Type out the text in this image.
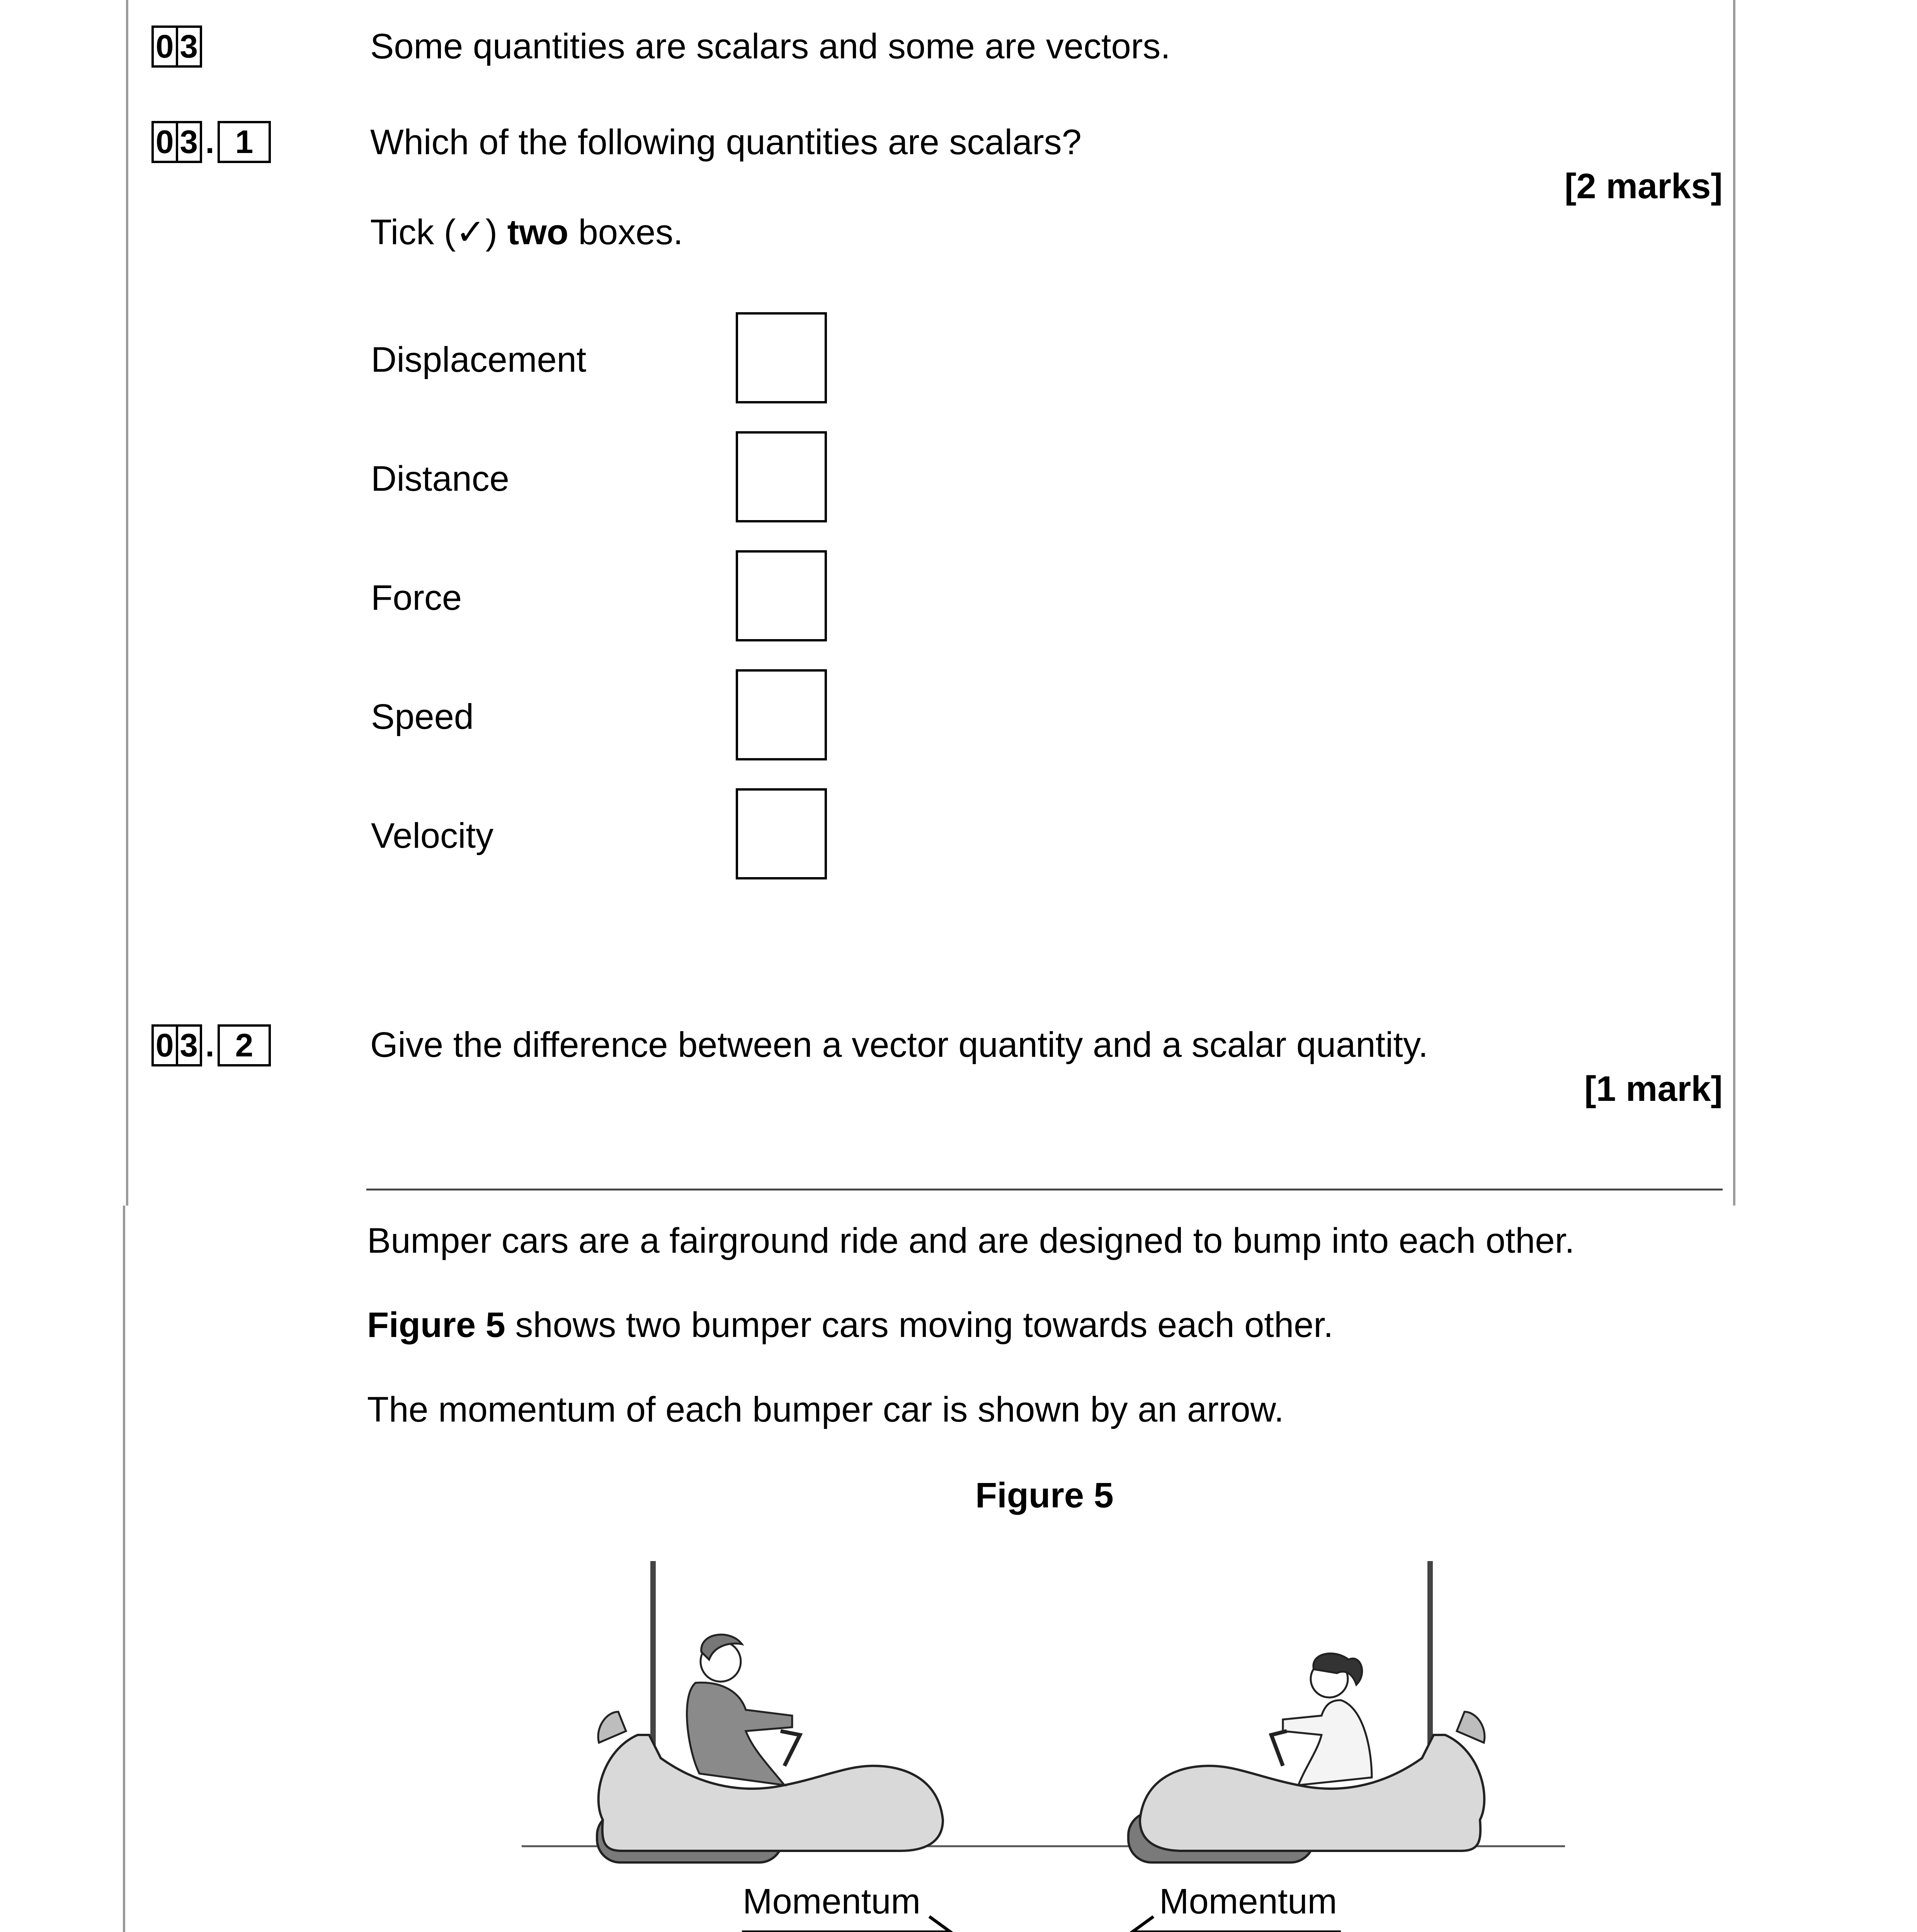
0 3	Some quantities are scalars and some are vectors.
0 3 . 1	Which of the following quantities are scalars?
[2 marks]
Tick (✓) two boxes.
Displacement
Distance
Force
Speed
Velocity
0 3 . 2	Give the difference between a vector quantity and a scalar quantity.
[1 mark]
Bumper cars are a fairground ride and are designed to bump into each other.
Figure 5 shows two bumper cars moving towards each other.
The momentum of each bumper car is shown by an arrow.
Figure 5
Momentum	Momentum
